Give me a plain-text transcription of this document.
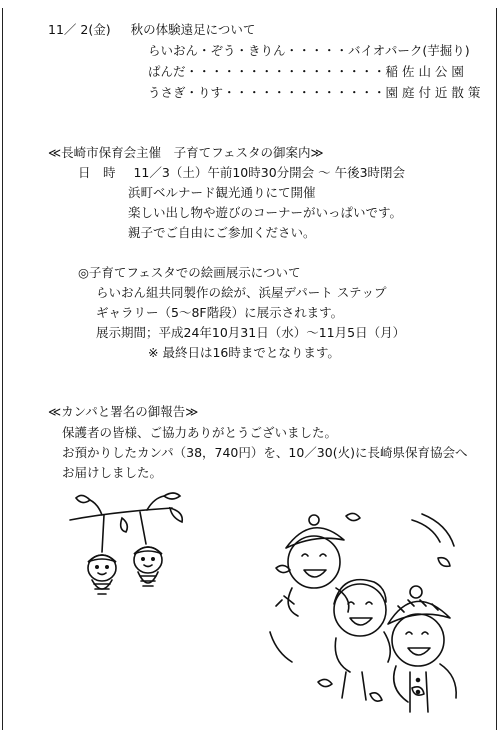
11／ 2(金) 秋の体験遠足について
らいおん・ぞう・きりん・・・・・バイオパーク(芋掘り)
ぱんだ・・・・・・・・・・・・・・・・稲 佐 山 公 園
うさぎ・りす・・・・・・・・・・・・・園 庭 付 近 散 策
≪長崎市保育会主催　子育てフェスタの御案内≫
日　時 11／3（土）午前10時30分開会 ～ 午後3時閉会
浜町ベルナード観光通りにて開催
楽しい出し物や遊びのコーナーがいっぱいです。
親子でご自由にご参加ください。
◎子育てフェスタでの絵画展示について
らいおん組共同製作の絵が、浜屋デパート ステップ
ギャラリー（5～8F階段）に展示されます。
展示期間；平成24年10月31日（水）～11月5日（月）
※ 最終日は16時までとなります。
≪カンパと署名の御報告≫
保護者の皆様、ご協力ありがとうございました。
お預かりしたカンパ（38，740円）を、10／30(火)に長崎県保育協会へ
お届けしました。
